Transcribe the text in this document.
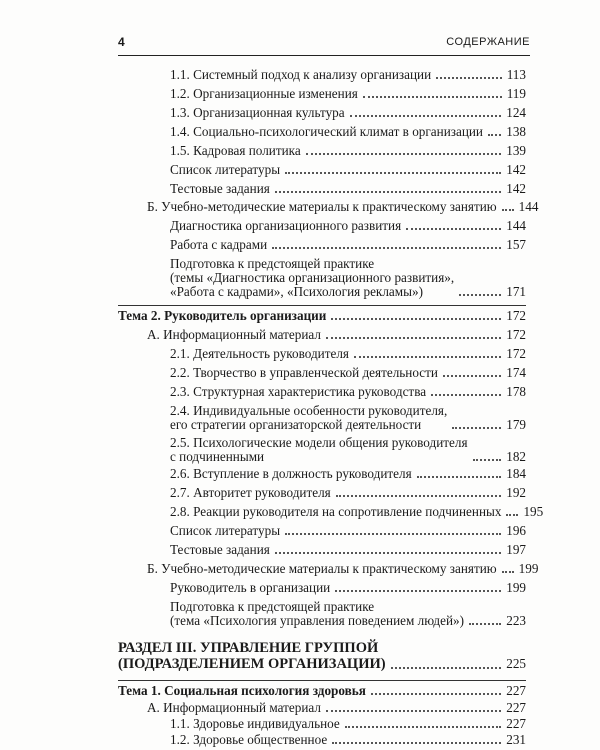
4	СОДЕРЖАНИЕ
1.1. Системный подход к анализу организации	113
1.2. Организационные изменения	119
1.3. Организационная культура	124
1.4. Социально-психологический климат в организации 138
1.5. Кадровая политика	139
Список литературы	142
Тестовые задания	142
Б. Учебно-методические материалы к практическому занятию 144
Диагностика организационного развития	144
Работа с кадрами	157
Подготовка к предстоящей практике
(темы «Диагностика организационного развития»,
«Работа с кадрами», «Психология рекламы»)	171
Тема 2. Руководитель организации	172
А. Информационный материал	172
2.1. Деятельность руководителя	172
2.2. Творчество в управленческой деятельности	174
2.3. Структурная характеристика руководства	178
2.4. Индивидуальные особенности руководителя,
его стратегии организаторской деятельности	179
2.5. Психологические модели общения руководителя
с подчиненными	182
2.6. Вступление в должность руководителя	184
2.7. Авторитет руководителя	192
2.8. Реакции руководителя на сопротивление подчиненных 195
Список литературы	196
Тестовые задания	197
Б. Учебно-методические материалы к практическому занятию 199
Руководитель в организации	199
Подготовка к предстоящей практике
(тема «Психология управления поведением людей»)	223
РАЗДЕЛ III. УПРАВЛЕНИЕ ГРУППОЙ
(ПОДРАЗДЕЛЕНИЕМ ОРГАНИЗАЦИИ)	225
Тема 1. Социальная психология здоровья	227
А. Информационный материал	227
1.1. Здоровье индивидуальное	227
1.2. Здоровье общественное	231
